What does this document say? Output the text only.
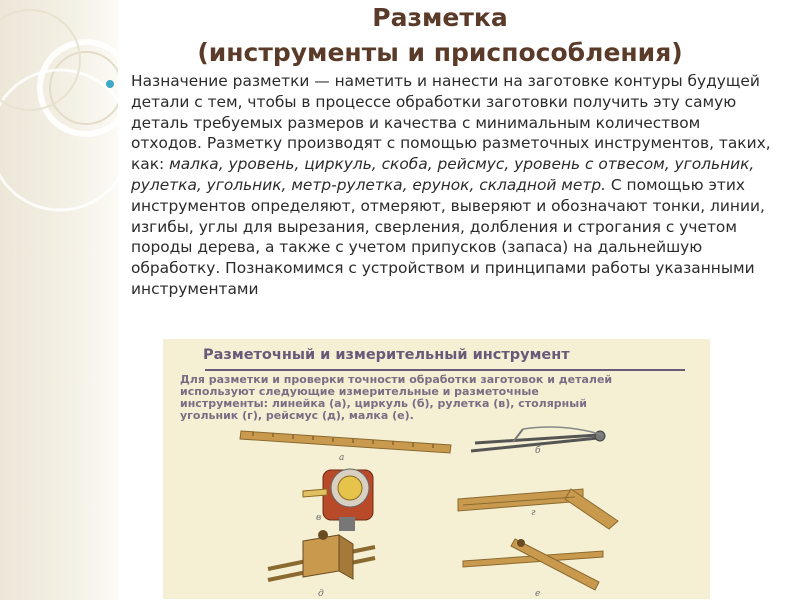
Разметка
(инструменты и приспособления)

Назначение разметки — наметить и нанести на заготовке контуры будущей детали с тем, чтобы в процессе обработки заготовки получить эту самую деталь требуемых размеров и качества с минимальным количеством отходов. Разметку производят с помощью разметочных инструментов, таких, как: малка, уровень, циркуль, скоба, рейсмус, уровень с отвесом, угольник, рулетка, угольник, метр-рулетка, ерунок, складной метр. С помощью этих инструментов определяют, отмеряют, выверяют и обозначают тонки, линии, изгибы, углы для вырезания, сверления, долбления и строгания с учетом породы дерева, а также с учетом припусков (запаса) на дальнейшую обработку. Познакомимся с устройством и принципами работы указанными инструментами

Разметочный и измерительный инструмент
Для разметки и проверки точности обработки заготовок и деталей
используют следующие измерительные и разметочные
инструменты: линейка (а), циркуль (б), рулетка (в), столярный
угольник (г), рейсмус (д), малка (е).
а
б
в	г
д	е
